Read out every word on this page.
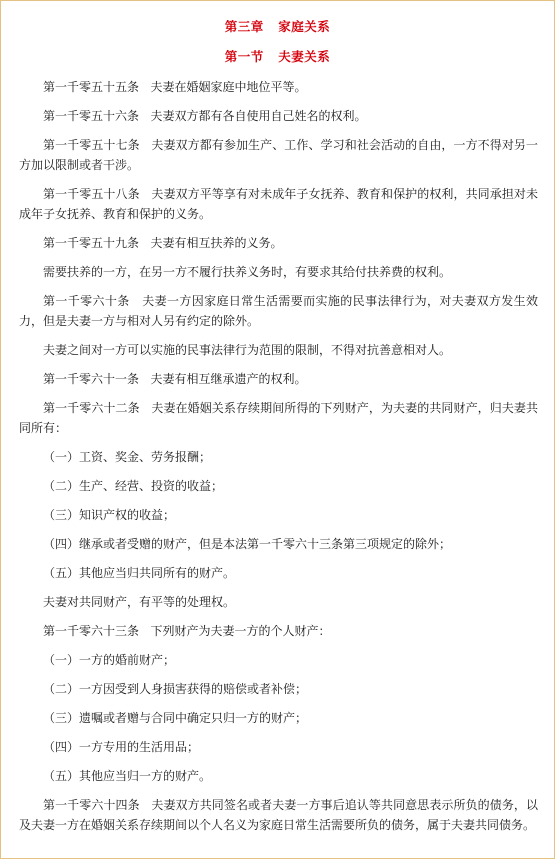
第三章   家庭关系
第一节   夫妻关系

第一千零五十五条   夫妻在婚姻家庭中地位平等。

第一千零五十六条   夫妻双方都有各自使用自己姓名的权利。

第一千零五十七条   夫妻双方都有参加生产、工作、学习和社会活动的自由，一方不得对另一方加以限制或者干涉。

第一千零五十八条   夫妻双方平等享有对未成年子女抚养、教育和保护的权利，共同承担对未成年子女抚养、教育和保护的义务。

第一千零五十九条   夫妻有相互扶养的义务。

需要扶养的一方，在另一方不履行扶养义务时，有要求其给付扶养费的权利。

第一千零六十条   夫妻一方因家庭日常生活需要而实施的民事法律行为，对夫妻双方发生效力，但是夫妻一方与相对人另有约定的除外。

夫妻之间对一方可以实施的民事法律行为范围的限制，不得对抗善意相对人。

第一千零六十一条   夫妻有相互继承遗产的权利。

第一千零六十二条   夫妻在婚姻关系存续期间所得的下列财产，为夫妻的共同财产，归夫妻共同所有：

（一）工资、奖金、劳务报酬；

（二）生产、经营、投资的收益；

（三）知识产权的收益；

（四）继承或者受赠的财产，但是本法第一千零六十三条第三项规定的除外；

（五）其他应当归共同所有的财产。

夫妻对共同财产，有平等的处理权。

第一千零六十三条   下列财产为夫妻一方的个人财产：

（一）一方的婚前财产；

（二）一方因受到人身损害获得的赔偿或者补偿；

（三）遗嘱或者赠与合同中确定只归一方的财产；

（四）一方专用的生活用品；

（五）其他应当归一方的财产。

第一千零六十四条   夫妻双方共同签名或者夫妻一方事后追认等共同意思表示所负的债务，以及夫妻一方在婚姻关系存续期间以个人名义为家庭日常生活需要所负的债务，属于夫妻共同债务。
